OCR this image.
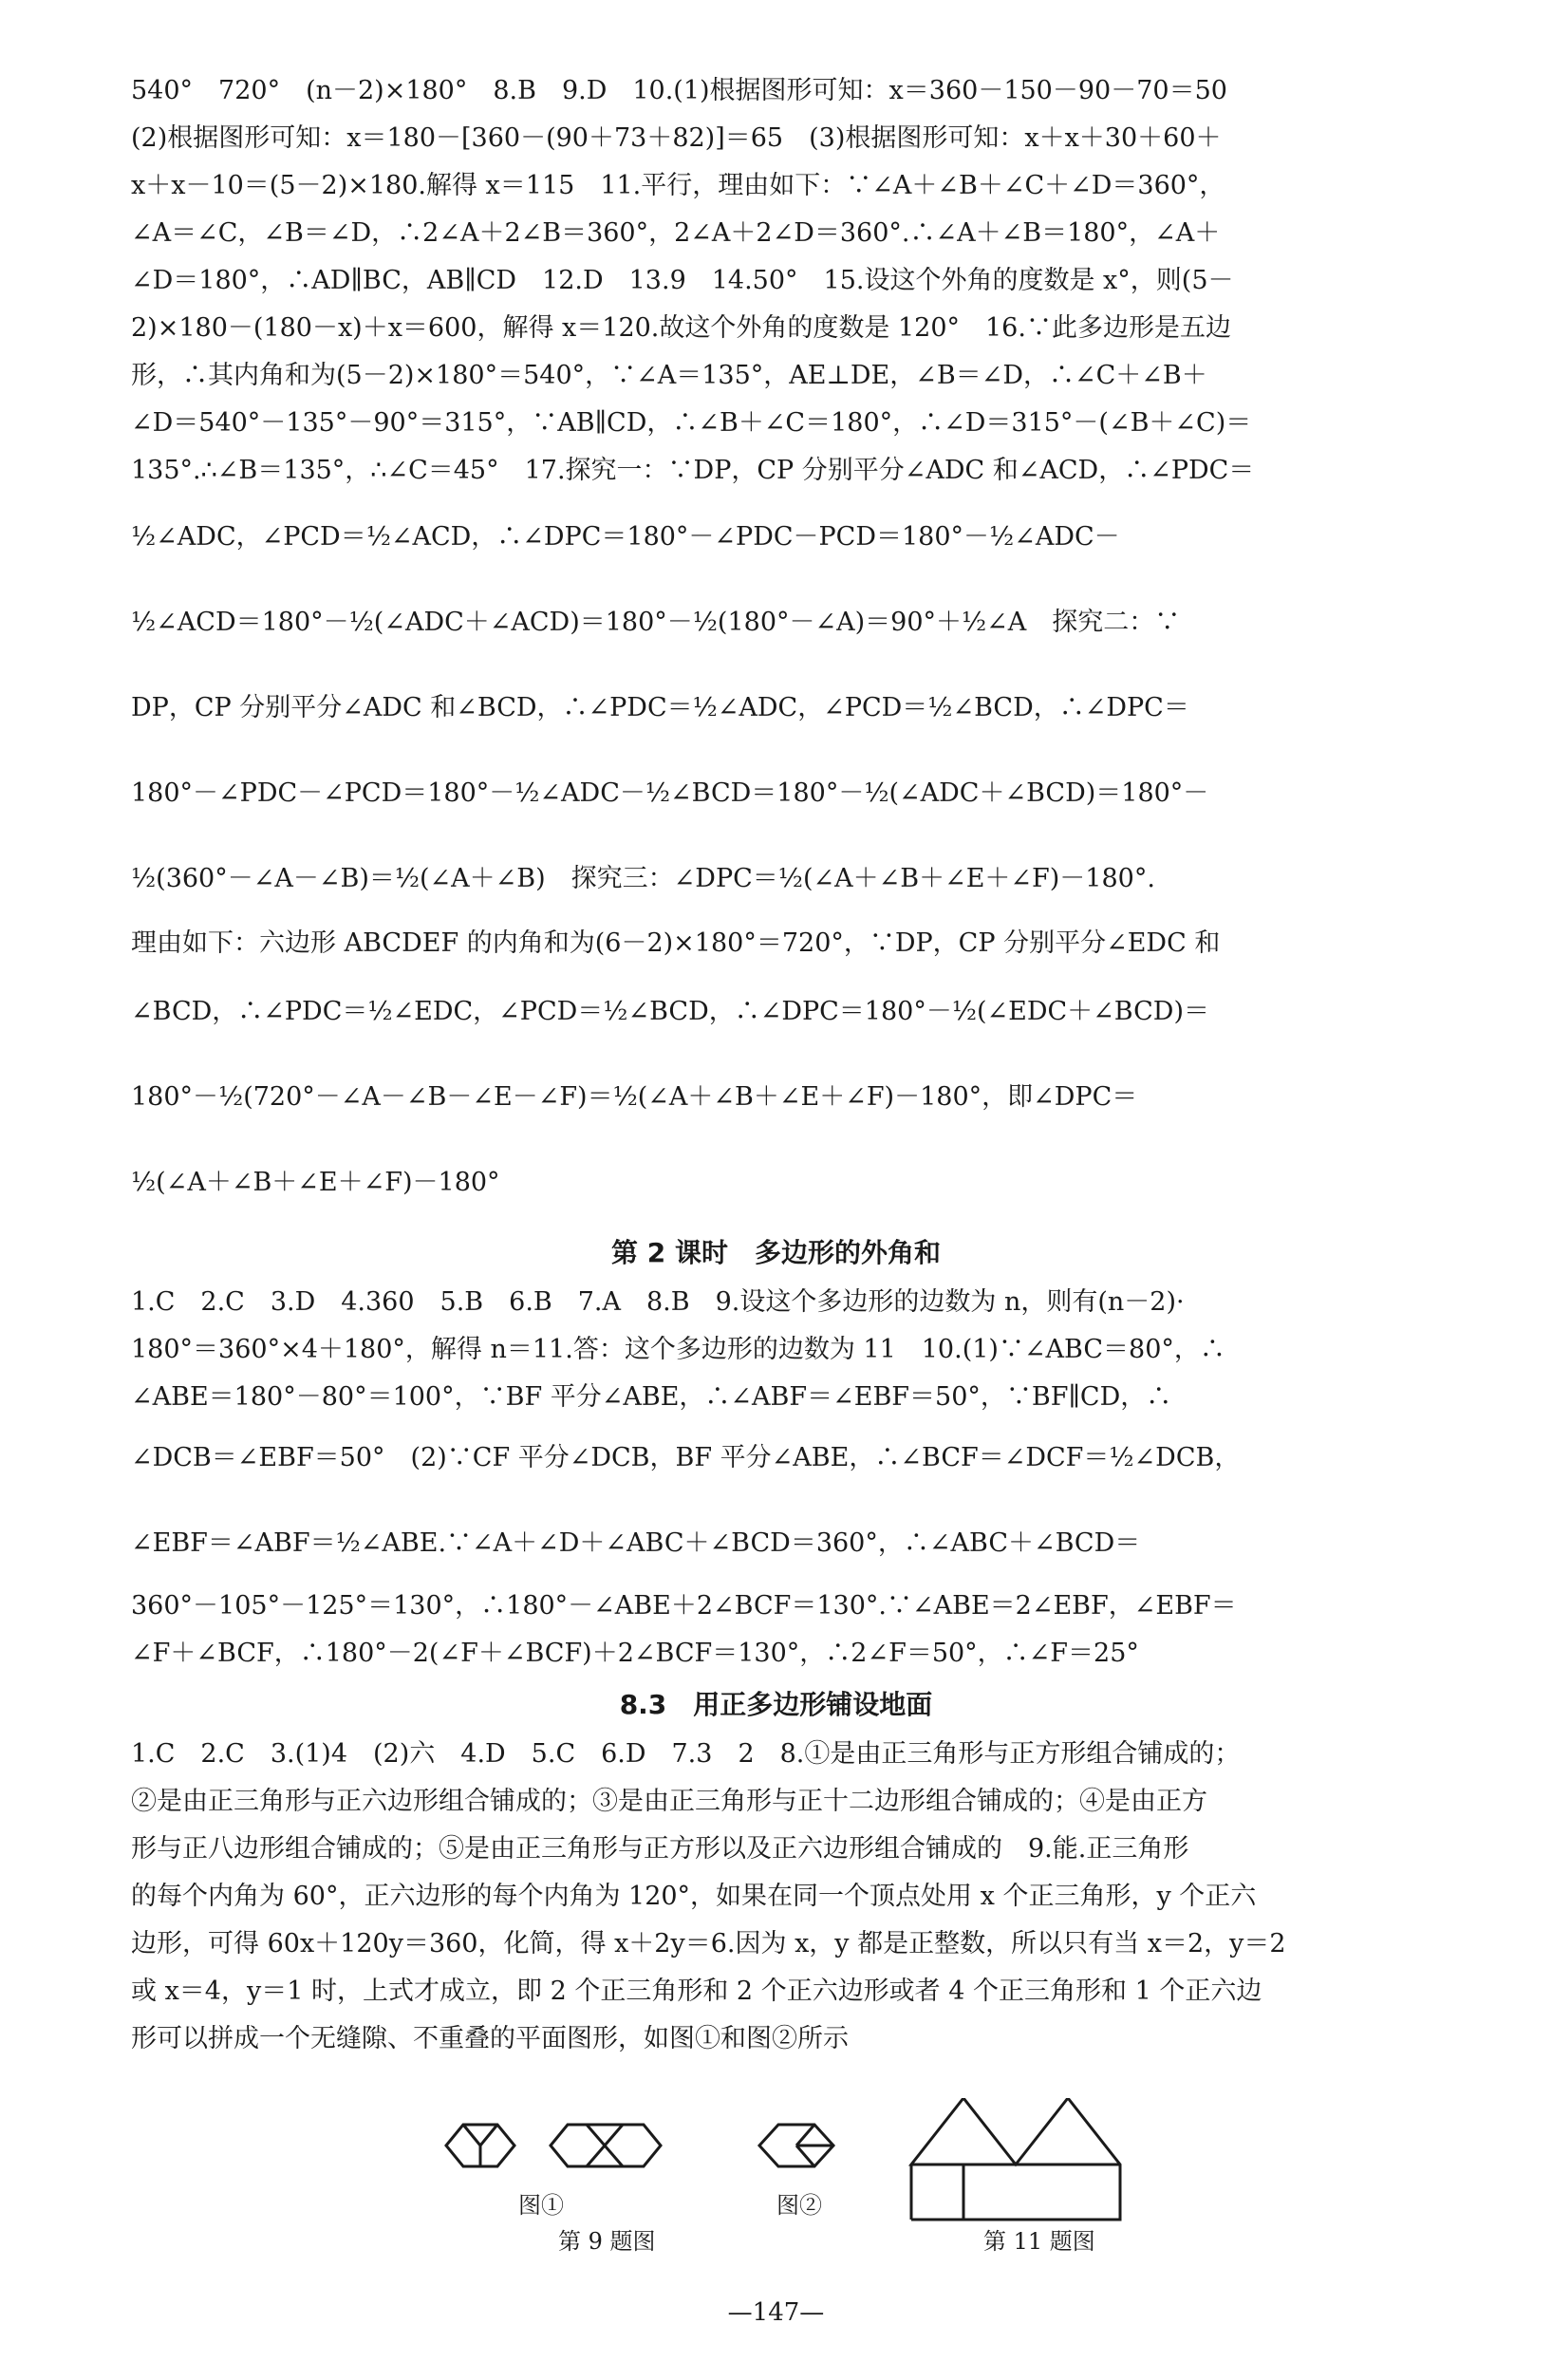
540°　720°　(n－2)×180°　8.B　9.D　10.(1)根据图形可知：x＝360－150－90－70＝50
(2)根据图形可知：x＝180－[360－(90＋73＋82)]＝65　(3)根据图形可知：x＋x＋30＋60＋
x＋x－10＝(5－2)×180.解得 x＝115　11.平行，理由如下：∵∠A＋∠B＋∠C＋∠D＝360°，
∠A＝∠C，∠B＝∠D，∴2∠A＋2∠B＝360°，2∠A＋2∠D＝360°.∴∠A＋∠B＝180°，∠A＋
∠D＝180°，∴AD∥BC，AB∥CD　12.D　13.9　14.50°　15.设这个外角的度数是 x°，则(5－
2)×180－(180－x)＋x＝600，解得 x＝120.故这个外角的度数是 120°　16.∵此多边形是五边
形，∴其内角和为(5－2)×180°＝540°，∵∠A＝135°，AE⊥DE，∠B＝∠D，∴∠C＋∠B＋
∠D＝540°－135°－90°＝315°，∵AB∥CD，∴∠B＋∠C＝180°，∴∠D＝315°－(∠B＋∠C)＝
135°.∴∠B＝135°，∴∠C＝45°　17.探究一：∵DP，CP 分别平分∠ADC 和∠ACD，∴∠PDC＝
½∠ADC，∠PCD＝½∠ACD，∴∠DPC＝180°－∠PDC－PCD＝180°－½∠ADC－
½∠ACD＝180°－½(∠ADC＋∠ACD)＝180°－½(180°－∠A)＝90°＋½∠A　探究二：∵
DP，CP 分别平分∠ADC 和∠BCD，∴∠PDC＝½∠ADC，∠PCD＝½∠BCD，∴∠DPC＝
180°－∠PDC－∠PCD＝180°－½∠ADC－½∠BCD＝180°－½(∠ADC＋∠BCD)＝180°－
½(360°－∠A－∠B)＝½(∠A＋∠B)　探究三：∠DPC＝½(∠A＋∠B＋∠E＋∠F)－180°.
理由如下：六边形 ABCDEF 的内角和为(6－2)×180°＝720°，∵DP，CP 分别平分∠EDC 和
∠BCD，∴∠PDC＝½∠EDC，∠PCD＝½∠BCD，∴∠DPC＝180°－½(∠EDC＋∠BCD)＝
180°－½(720°－∠A－∠B－∠E－∠F)＝½(∠A＋∠B＋∠E＋∠F)－180°，即∠DPC＝
½(∠A＋∠B＋∠E＋∠F)－180°
第 2 课时　多边形的外角和
1.C　2.C　3.D　4.360　5.B　6.B　7.A　8.B　9.设这个多边形的边数为 n，则有(n－2)·
180°＝360°×4＋180°，解得 n＝11.答：这个多边形的边数为 11　10.(1)∵∠ABC＝80°，∴
∠ABE＝180°－80°＝100°，∵BF 平分∠ABE，∴∠ABF＝∠EBF＝50°，∵BF∥CD，∴
∠DCB＝∠EBF＝50°　(2)∵CF 平分∠DCB，BF 平分∠ABE，∴∠BCF＝∠DCF＝½∠DCB，
∠EBF＝∠ABF＝½∠ABE.∵∠A＋∠D＋∠ABC＋∠BCD＝360°，∴∠ABC＋∠BCD＝
360°－105°－125°＝130°，∴180°－∠ABE＋2∠BCF＝130°.∵∠ABE＝2∠EBF，∠EBF＝
∠F＋∠BCF，∴180°－2(∠F＋∠BCF)＋2∠BCF＝130°，∴2∠F＝50°，∴∠F＝25°
8.3　用正多边形铺设地面
1.C　2.C　3.(1)4　(2)六　4.D　5.C　6.D　7.3　2　8.①是由正三角形与正方形组合铺成的；
②是由正三角形与正六边形组合铺成的；③是由正三角形与正十二边形组合铺成的；④是由正方
形与正八边形组合铺成的；⑤是由正三角形与正方形以及正六边形组合铺成的　9.能.正三角形
的每个内角为 60°，正六边形的每个内角为 120°，如果在同一个顶点处用 x 个正三角形，y 个正六
边形，可得 60x＋120y＝360，化简，得 x＋2y＝6.因为 x，y 都是正整数，所以只有当 x＝2，y＝2
或 x＝4，y＝1 时，上式才成立，即 2 个正三角形和 2 个正六边形或者 4 个正三角形和 1 个正六边
形可以拼成一个无缝隙、不重叠的平面图形，如图①和图②所示
图①	图②
第 9 题图	第 11 题图
—147—
